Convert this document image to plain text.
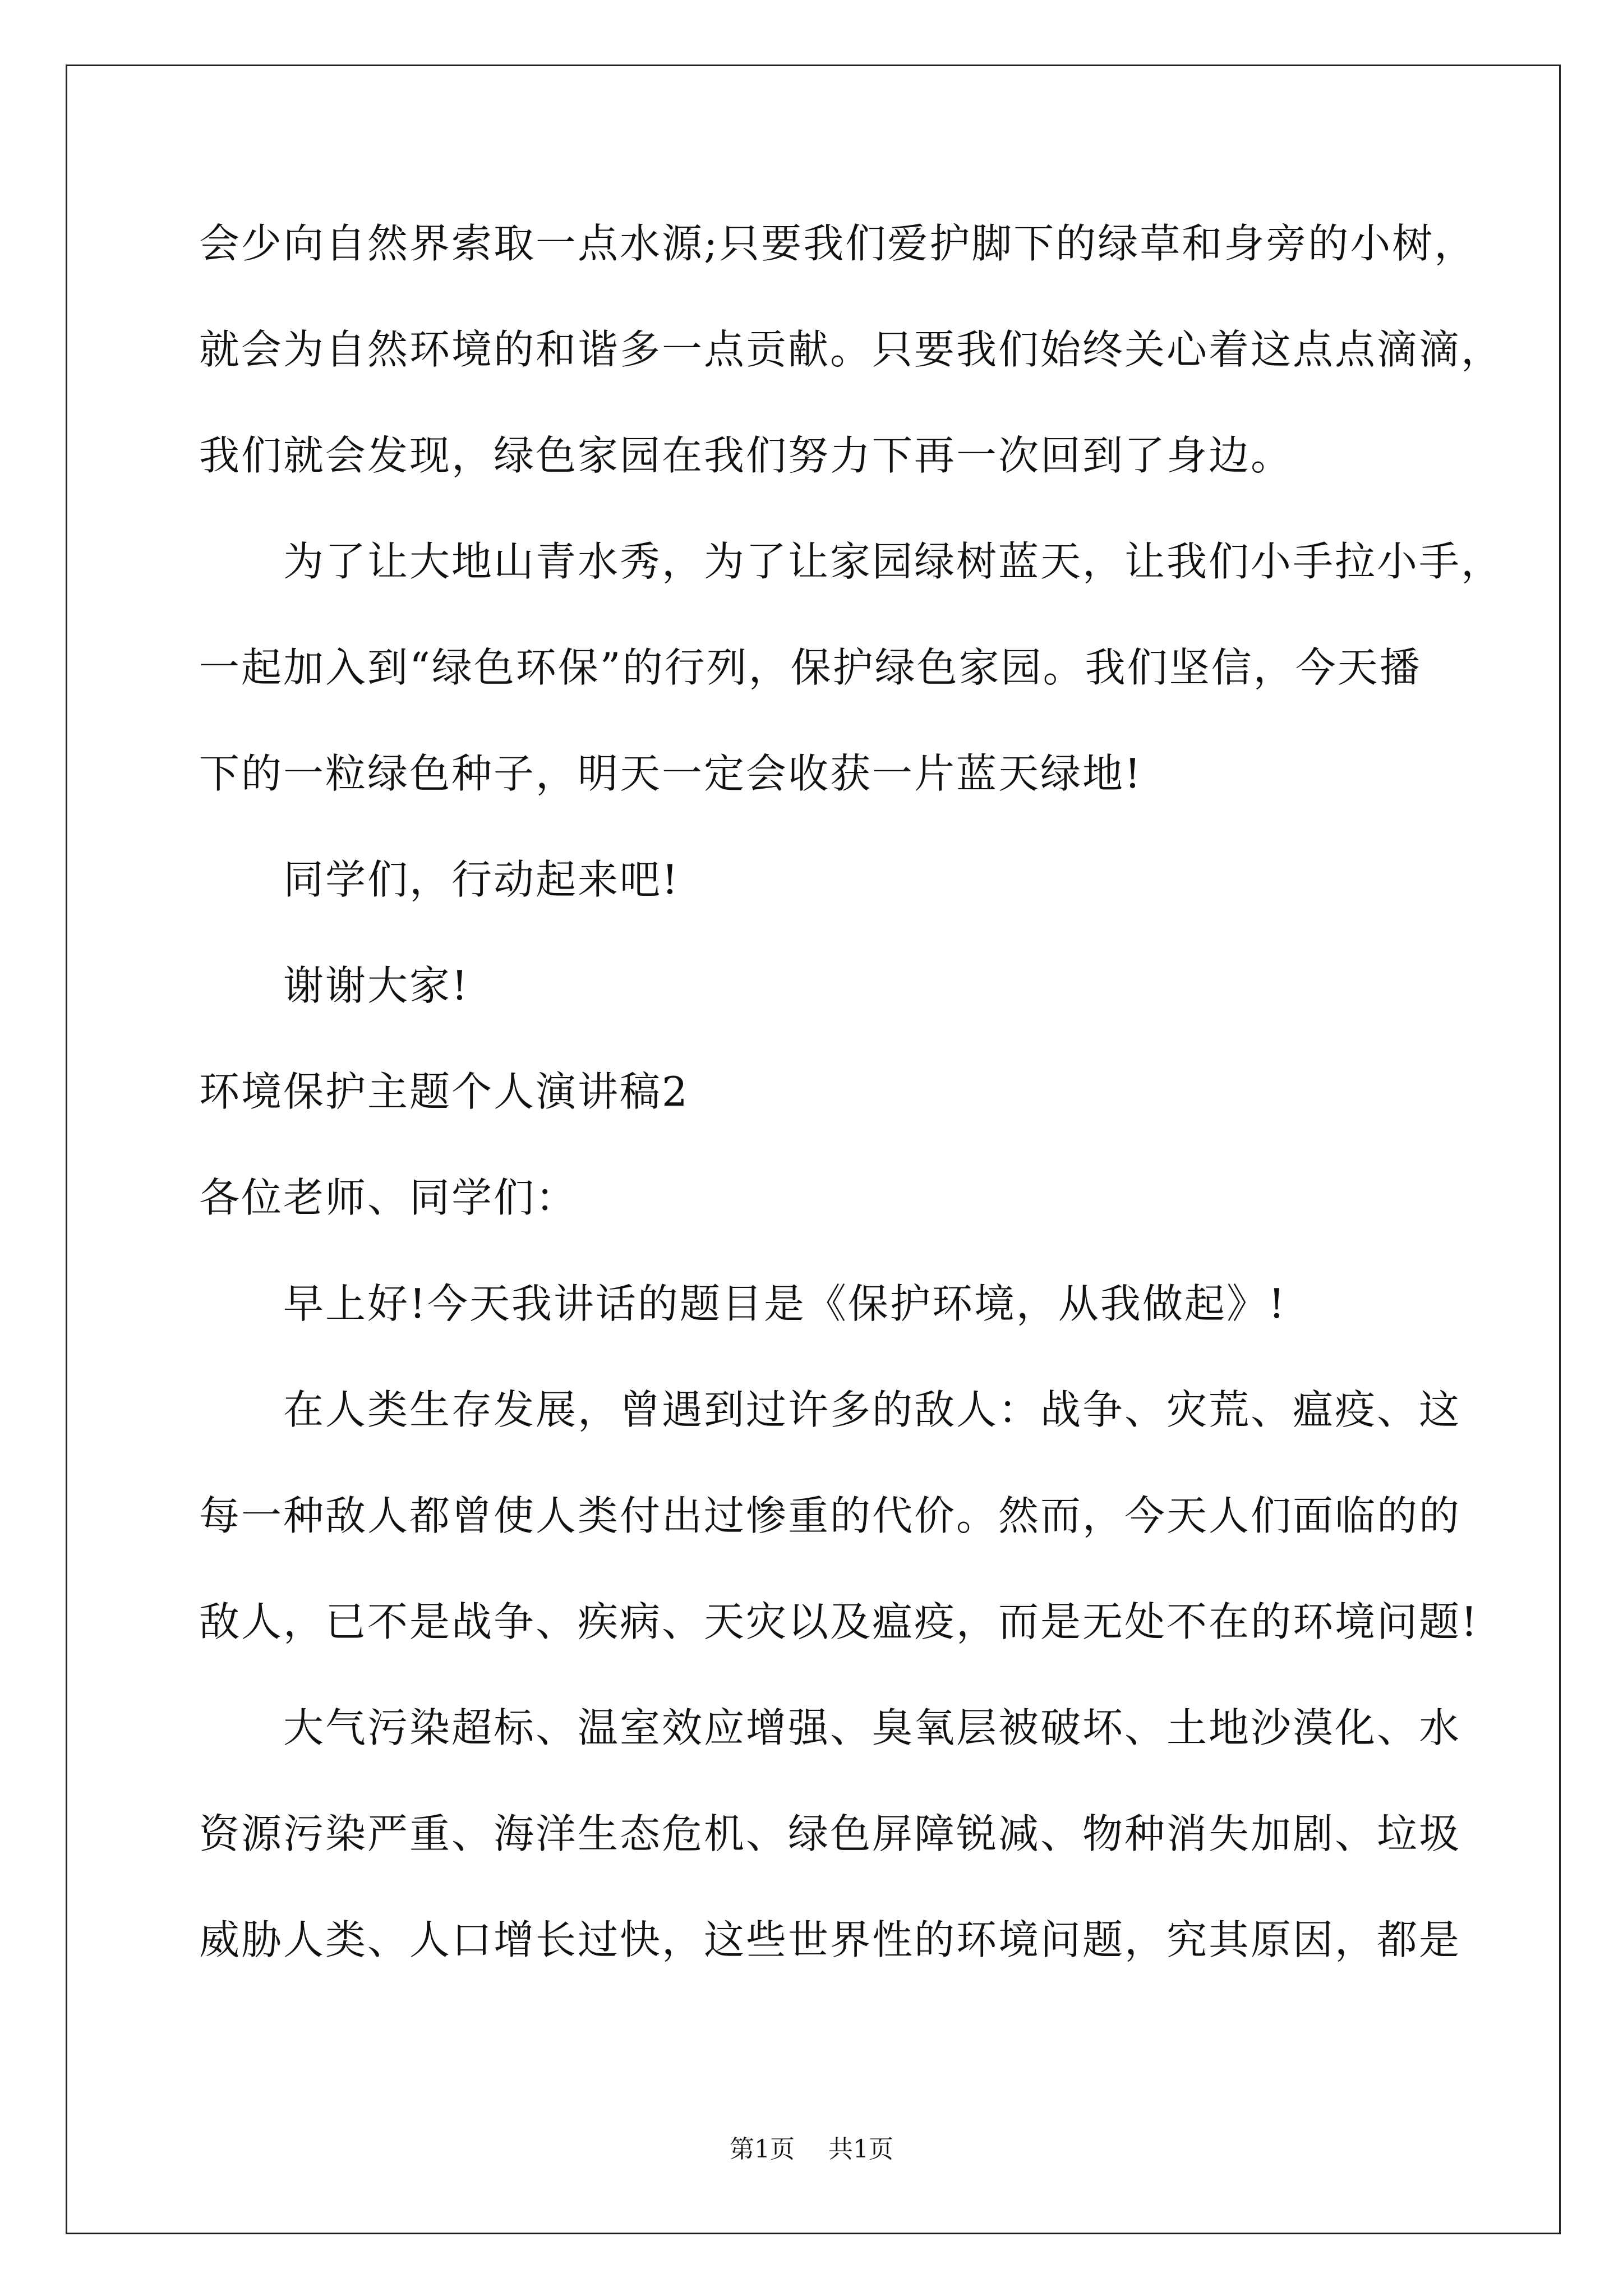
会少向自然界索取一点水源;只要我们爱护脚下的绿草和身旁的小树，
就会为自然环境的和谐多一点贡献。只要我们始终关心着这点点滴滴，
我们就会发现，绿色家园在我们努力下再一次回到了身边。
为了让大地山青水秀，为了让家园绿树蓝天，让我们小手拉小手，
一起加入到“绿色环保”的行列，保护绿色家园。我们坚信，今天播
下的一粒绿色种子，明天一定会收获一片蓝天绿地!
同学们，行动起来吧!
谢谢大家!
环境保护主题个人演讲稿2
各位老师、同学们：
早上好!今天我讲话的题目是《保护环境，从我做起》!
在人类生存发展，曾遇到过许多的敌人：战争、灾荒、瘟疫、这
每一种敌人都曾使人类付出过惨重的代价。然而，今天人们面临的的
敌人，已不是战争、疾病、天灾以及瘟疫，而是无处不在的环境问题!
大气污染超标、温室效应增强、臭氧层被破坏、土地沙漠化、水
资源污染严重、海洋生态危机、绿色屏障锐减、物种消失加剧、垃圾
威胁人类、人口增长过快，这些世界性的环境问题，究其原因，都是
第1页 共1页
